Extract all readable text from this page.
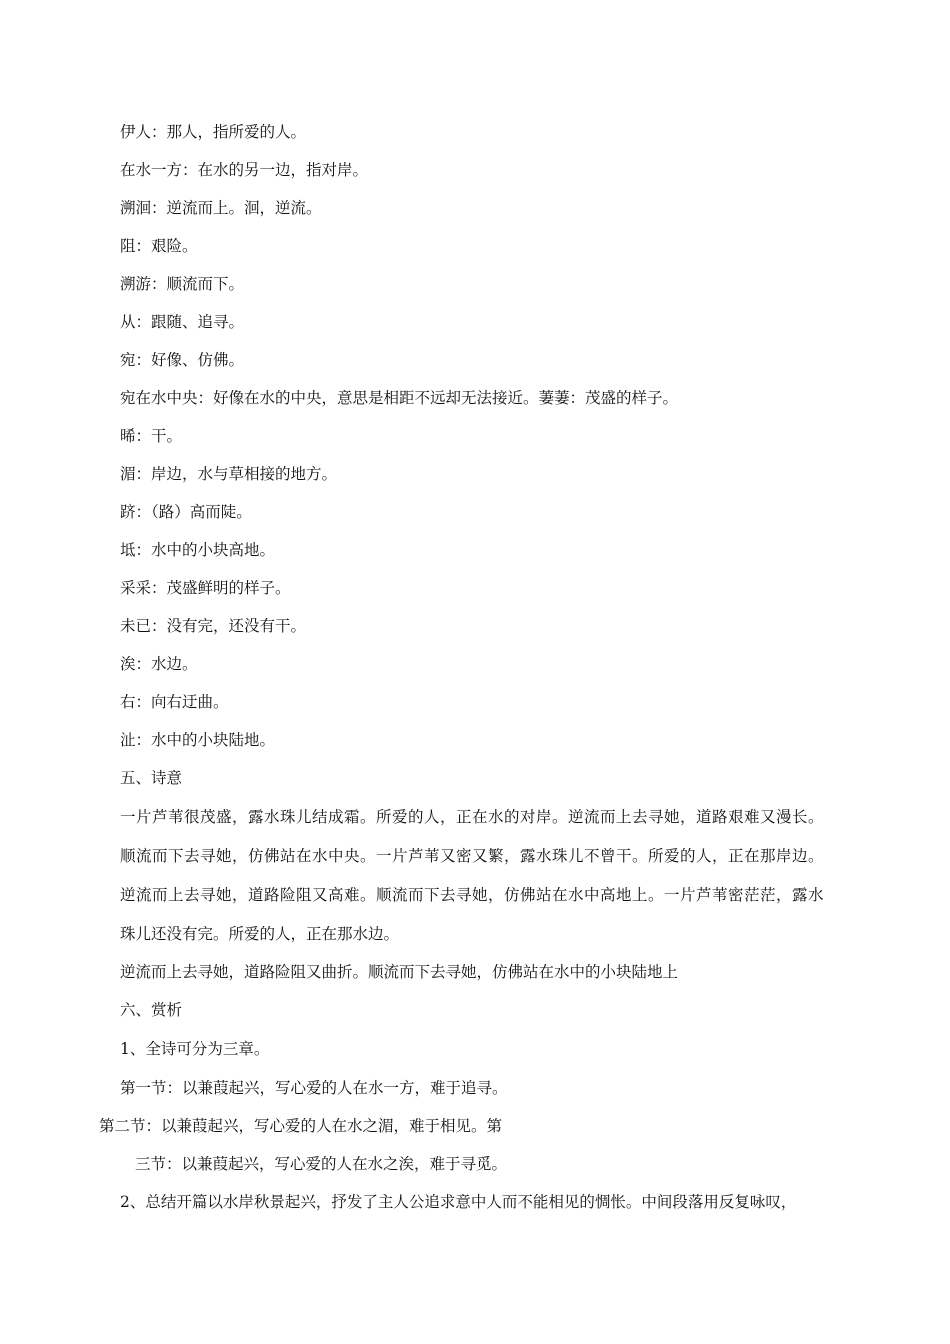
伊人：那人，指所爱的人。
在水一方：在水的另一边，指对岸。
溯洄：逆流而上。洄，逆流。
阻：艰险。
溯游：顺流而下。
从：跟随、追寻。
宛：好像、仿佛。
宛在水中央：好像在水的中央，意思是相距不远却无法接近。萋萋：茂盛的样子。
晞：干。
湄：岸边，水与草相接的地方。
跻：（路）高而陡。
坻：水中的小块高地。
采采：茂盛鲜明的样子。
未已：没有完，还没有干。
涘：水边。
右：向右迂曲。
沚：水中的小块陆地。
五、诗意
一片芦苇很茂盛，露水珠儿结成霜。所爱的人，正在水的对岸。逆流而上去寻她，道路艰难又漫长。
顺流而下去寻她，仿佛站在水中央。一片芦苇又密又繁，露水珠儿不曾干。所爱的人，正在那岸边。
逆流而上去寻她，道路险阻又高难。顺流而下去寻她，仿佛站在水中高地上。一片芦苇密茫茫，露水
珠儿还没有完。所爱的人，正在那水边。
逆流而上去寻她，道路险阻又曲折。顺流而下去寻她，仿佛站在水中的小块陆地上
六、赏析
1、全诗可分为三章。
第一节：以兼葭起兴，写心爱的人在水一方，难于追寻。
第二节：以兼葭起兴，写心爱的人在水之湄，难于相见。第
三节：以兼葭起兴，写心爱的人在水之涘，难于寻觅。
2、总结开篇以水岸秋景起兴，抒发了主人公追求意中人而不能相见的惆怅。中间段落用反复咏叹，
